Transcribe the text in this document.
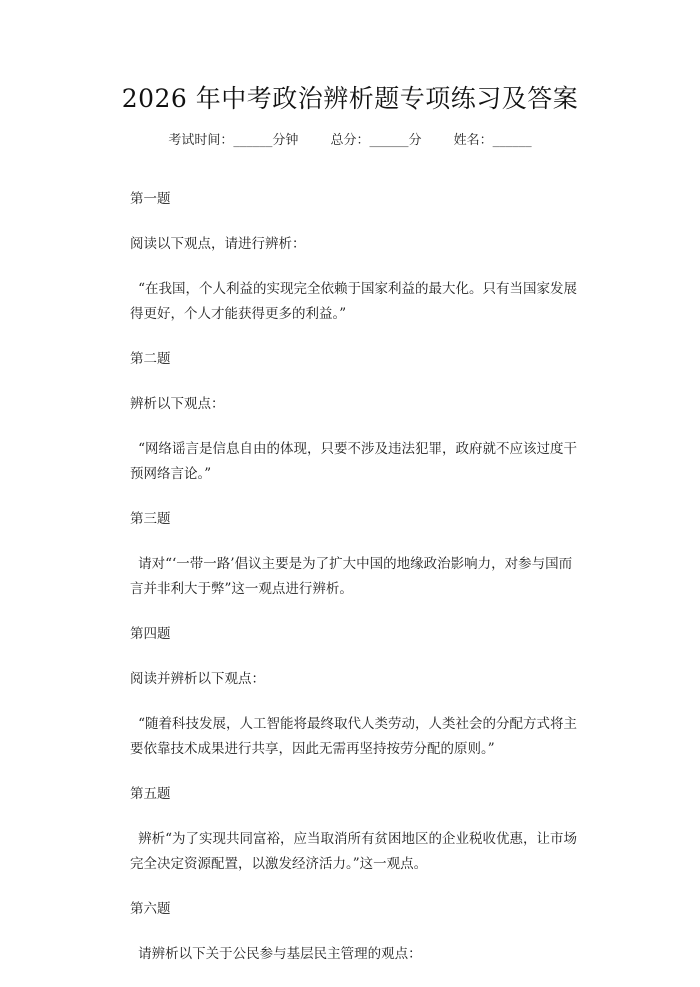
2026 年中考政治辨析题专项练习及答案
考试时间：______分钟 总分：______分 姓名：______
第一题
阅读以下观点，请进行辨析：
“在我国，个人利益的实现完全依赖于国家利益的最大化。只有当国家发展得更好，个人才能获得更多的利益。”
第二题
辨析以下观点：
“网络谣言是信息自由的体现，只要不涉及违法犯罪，政府就不应该过度干预网络言论。”
第三题
请对“‘一带一路’倡议主要是为了扩大中国的地缘政治影响力，对参与国而言并非利大于弊”这一观点进行辨析。
第四题
阅读并辨析以下观点：
“随着科技发展，人工智能将最终取代人类劳动，人类社会的分配方式将主要依靠技术成果进行共享，因此无需再坚持按劳分配的原则。”
第五题
辨析“为了实现共同富裕，应当取消所有贫困地区的企业税收优惠，让市场完全决定资源配置，以激发经济活力。”这一观点。
第六题
请辨析以下关于公民参与基层民主管理的观点：
